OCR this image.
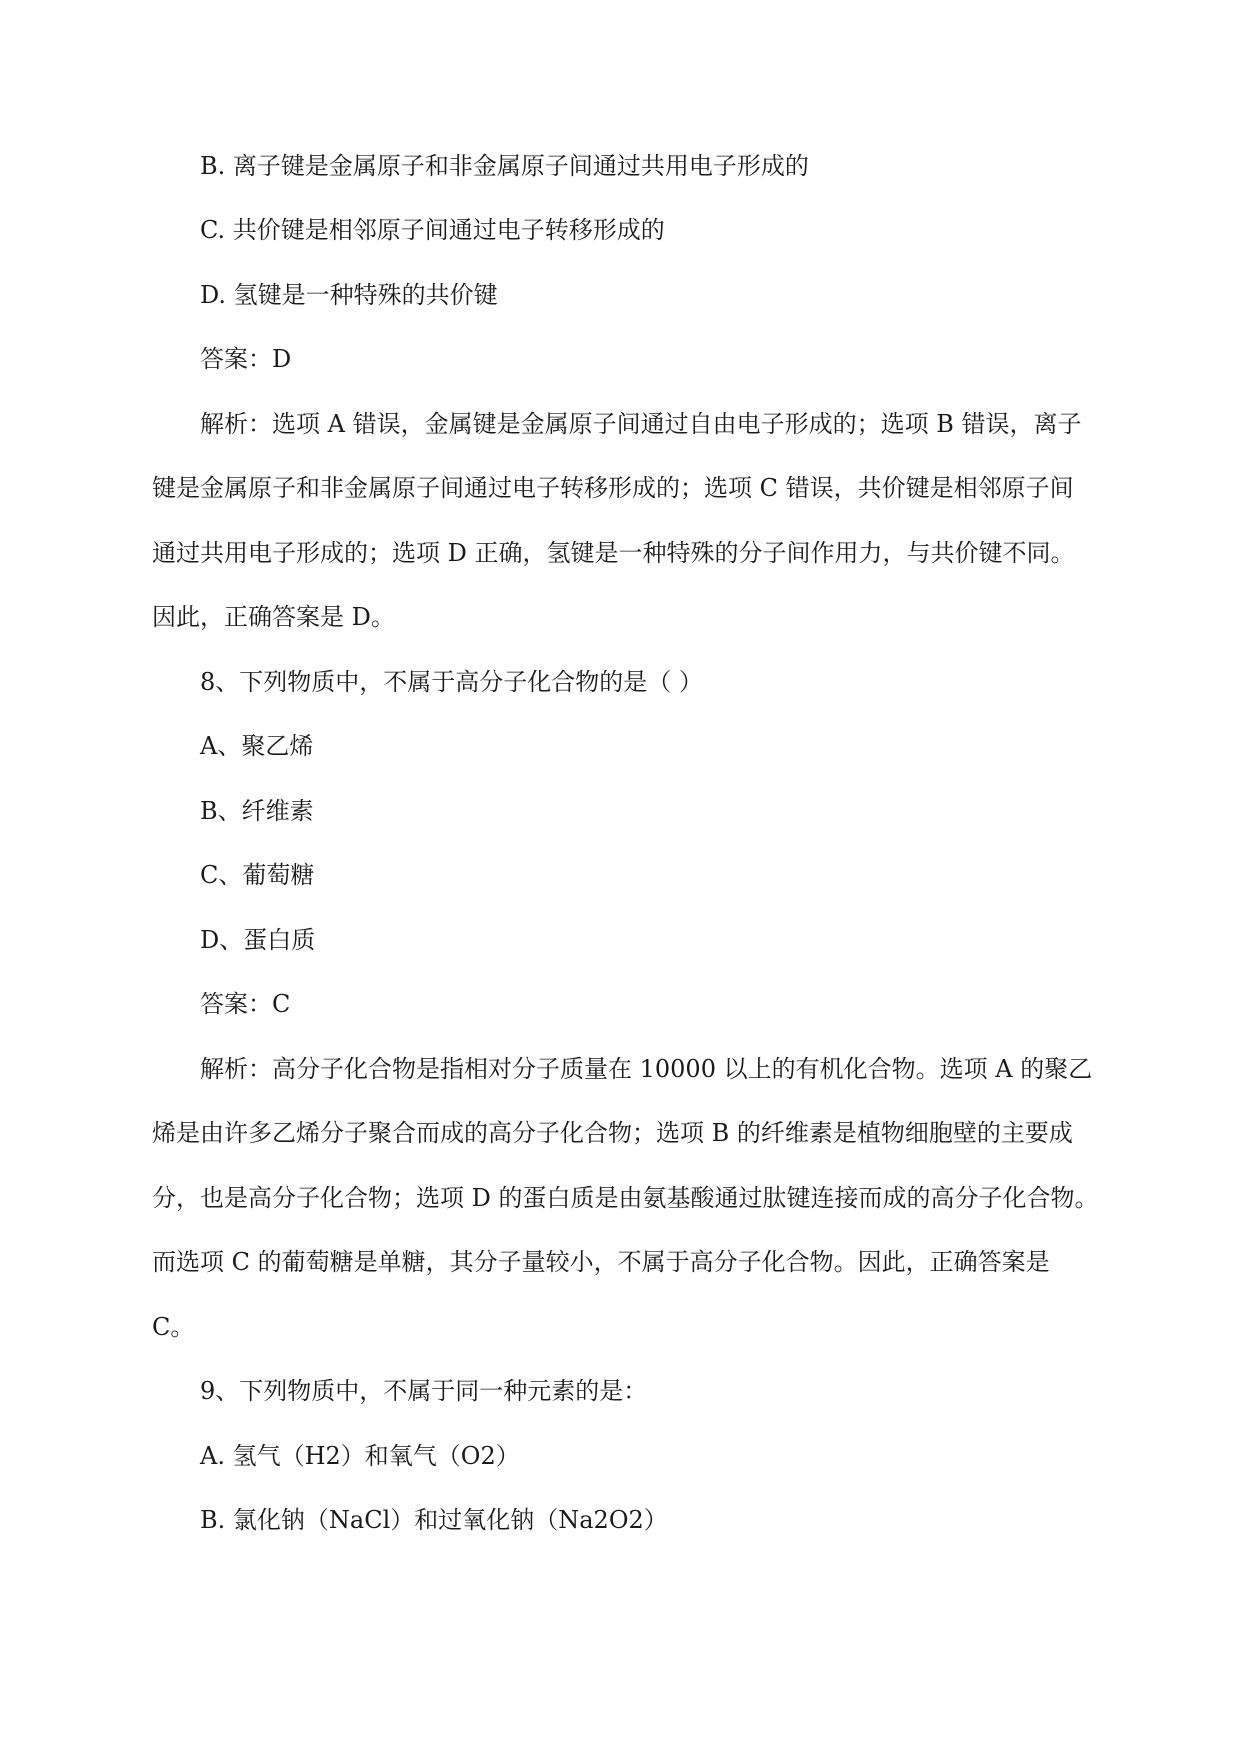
B. 离子键是金属原子和非金属原子间通过共用电子形成的
C. 共价键是相邻原子间通过电子转移形成的
D. 氢键是一种特殊的共价键
答案：D
解析：选项 A 错误，金属键是金属原子间通过自由电子形成的；选项 B 错误，离子
键是金属原子和非金属原子间通过电子转移形成的；选项 C 错误，共价键是相邻原子间
通过共用电子形成的；选项 D 正确，氢键是一种特殊的分子间作用力，与共价键不同。
因此，正确答案是 D。
8、下列物质中，不属于高分子化合物的是（ ）
A、聚乙烯
B、纤维素
C、葡萄糖
D、蛋白质
答案：C
解析：高分子化合物是指相对分子质量在 10000 以上的有机化合物。选项 A 的聚乙
烯是由许多乙烯分子聚合而成的高分子化合物；选项 B 的纤维素是植物细胞壁的主要成
分，也是高分子化合物；选项 D 的蛋白质是由氨基酸通过肽键连接而成的高分子化合物。
而选项 C 的葡萄糖是单糖，其分子量较小，不属于高分子化合物。因此，正确答案是
C。
9、下列物质中，不属于同一种元素的是：
A. 氢气（H2）和氧气（O2）
B. 氯化钠（NaCl）和过氧化钠（Na2O2）
